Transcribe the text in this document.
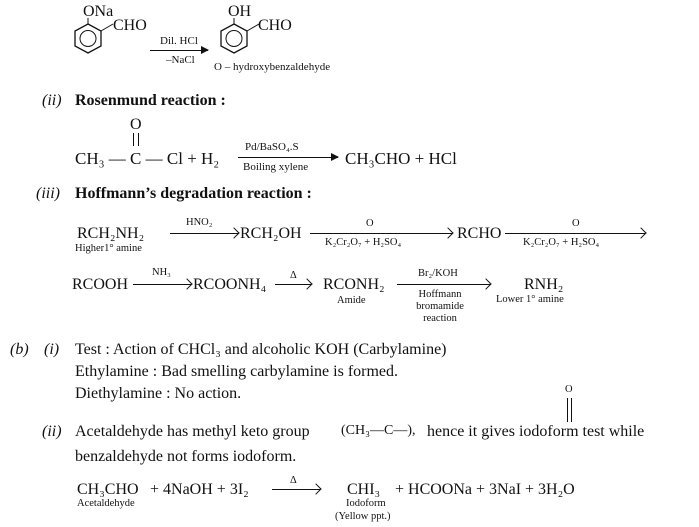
ONa
CHO
Dil. HCl
–NaCl
OH
CHO
O – hydroxybenzaldehyde
(ii) Rosenmund reaction :
O
CH₃ — C — Cl + H₂
Pd/BaSO₄.S
Boiling xylene CH₃CHO + HCl
(iii) Hoffmann’s degradation reaction :
RCH₂NH₂
Higher1° amine
HNO₂
RCH₂OH
O
K₂Cr₂O₇ + H₂SO₄
RCHO
O
K₂Cr₂O₇ + H₂SO₄
RCOOH
NH₃
RCOONH₄
Δ
RCONH₂
Amide
Br₂/KOH
Hoffmann
bromamide
reaction
RNH₂
Lower 1° amine
(b) (i) Test : Action of CHCl₃ and alcoholic KOH (Carbylamine)
Ethylamine : Bad smelling carbylamine is formed.
Diethylamine : No action.
(ii) Acetaldehyde has methyl keto group
O
(CH₃—C—), hence it gives iodoform test while
benzaldehyde not forms iodoform.
CH₃CHO
Acetaldehyde
+ 4NaOH + 3I₂
Δ
CHI₃
Iodoform
(Yellow ppt.)
+ HCOONa + 3NaI + 3H₂O
